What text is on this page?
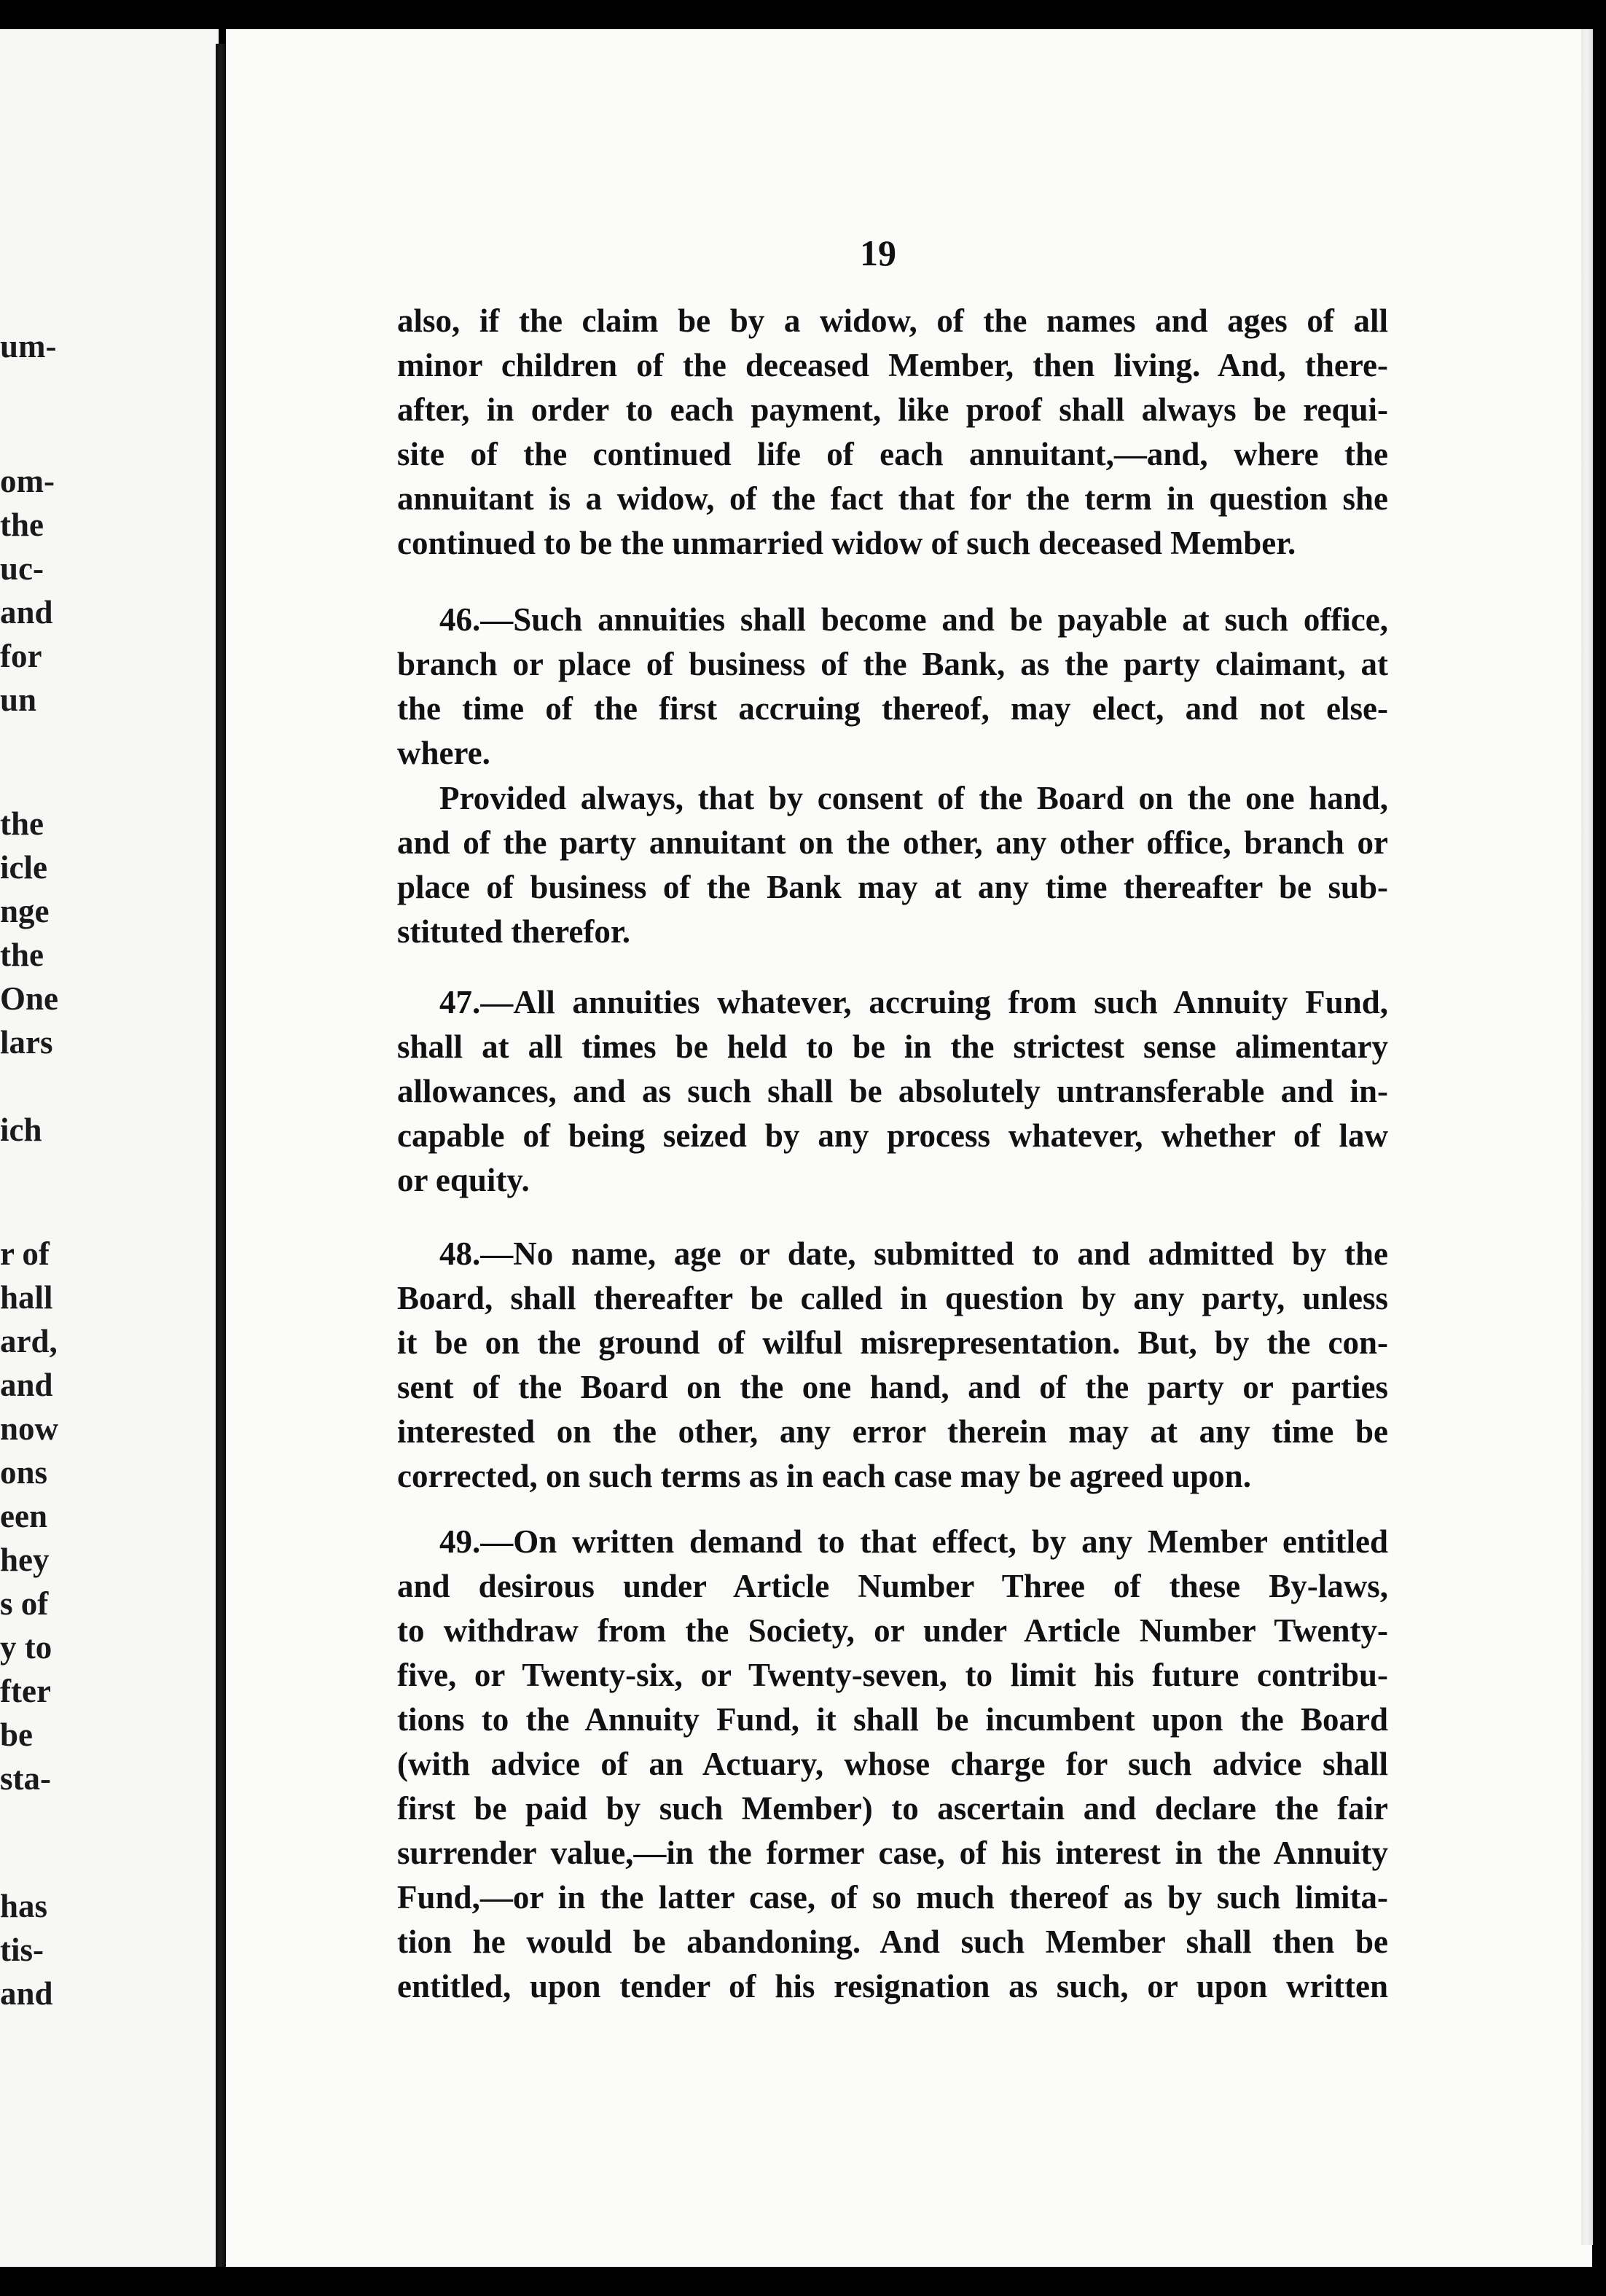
um-

om-

the

uc-

and

for

un

the

icle

nge

the

One

lars

ich

r of

hall

ard,

and

now

ons

een

hey

s of

y to

fter

be

sta-

has

tis-

and

19

also, if the claim be by a widow, of the names and ages of all
minor children of the deceased Member, then living. And, there-
after, in order to each payment, like proof shall always be requi-
site of the continued life of each annuitant,—and, where the
annuitant is a widow, of the fact that for the term in question she
continued to be the unmarried widow of such deceased Member.
46.—Such annuities shall become and be payable at such office,
branch or place of business of the Bank, as the party claimant, at
the time of the first accruing thereof, may elect, and not else-
where.
Provided always, that by consent of the Board on the one hand,
and of the party annuitant on the other, any other office, branch or
place of business of the Bank may at any time thereafter be sub-
stituted therefor.
47.—All annuities whatever, accruing from such Annuity Fund,
shall at all times be held to be in the strictest sense alimentary
allowances, and as such shall be absolutely untransferable and in-
capable of being seized by any process whatever, whether of law
or equity.
48.—No name, age or date, submitted to and admitted by the
Board, shall thereafter be called in question by any party, unless
it be on the ground of wilful misrepresentation. But, by the con-
sent of the Board on the one hand, and of the party or parties
interested on the other, any error therein may at any time be
corrected, on such terms as in each case may be agreed upon.
49.—On written demand to that effect, by any Member entitled
and desirous under Article Number Three of these By-laws,
to withdraw from the Society, or under Article Number Twenty-
five, or Twenty-six, or Twenty-seven, to limit his future contribu-
tions to the Annuity Fund, it shall be incumbent upon the Board
(with advice of an Actuary, whose charge for such advice shall
first be paid by such Member) to ascertain and declare the fair
surrender value,—in the former case, of his interest in the Annuity
Fund,—or in the latter case, of so much thereof as by such limita-
tion he would be abandoning. And such Member shall then be
entitled, upon tender of his resignation as such, or upon written
